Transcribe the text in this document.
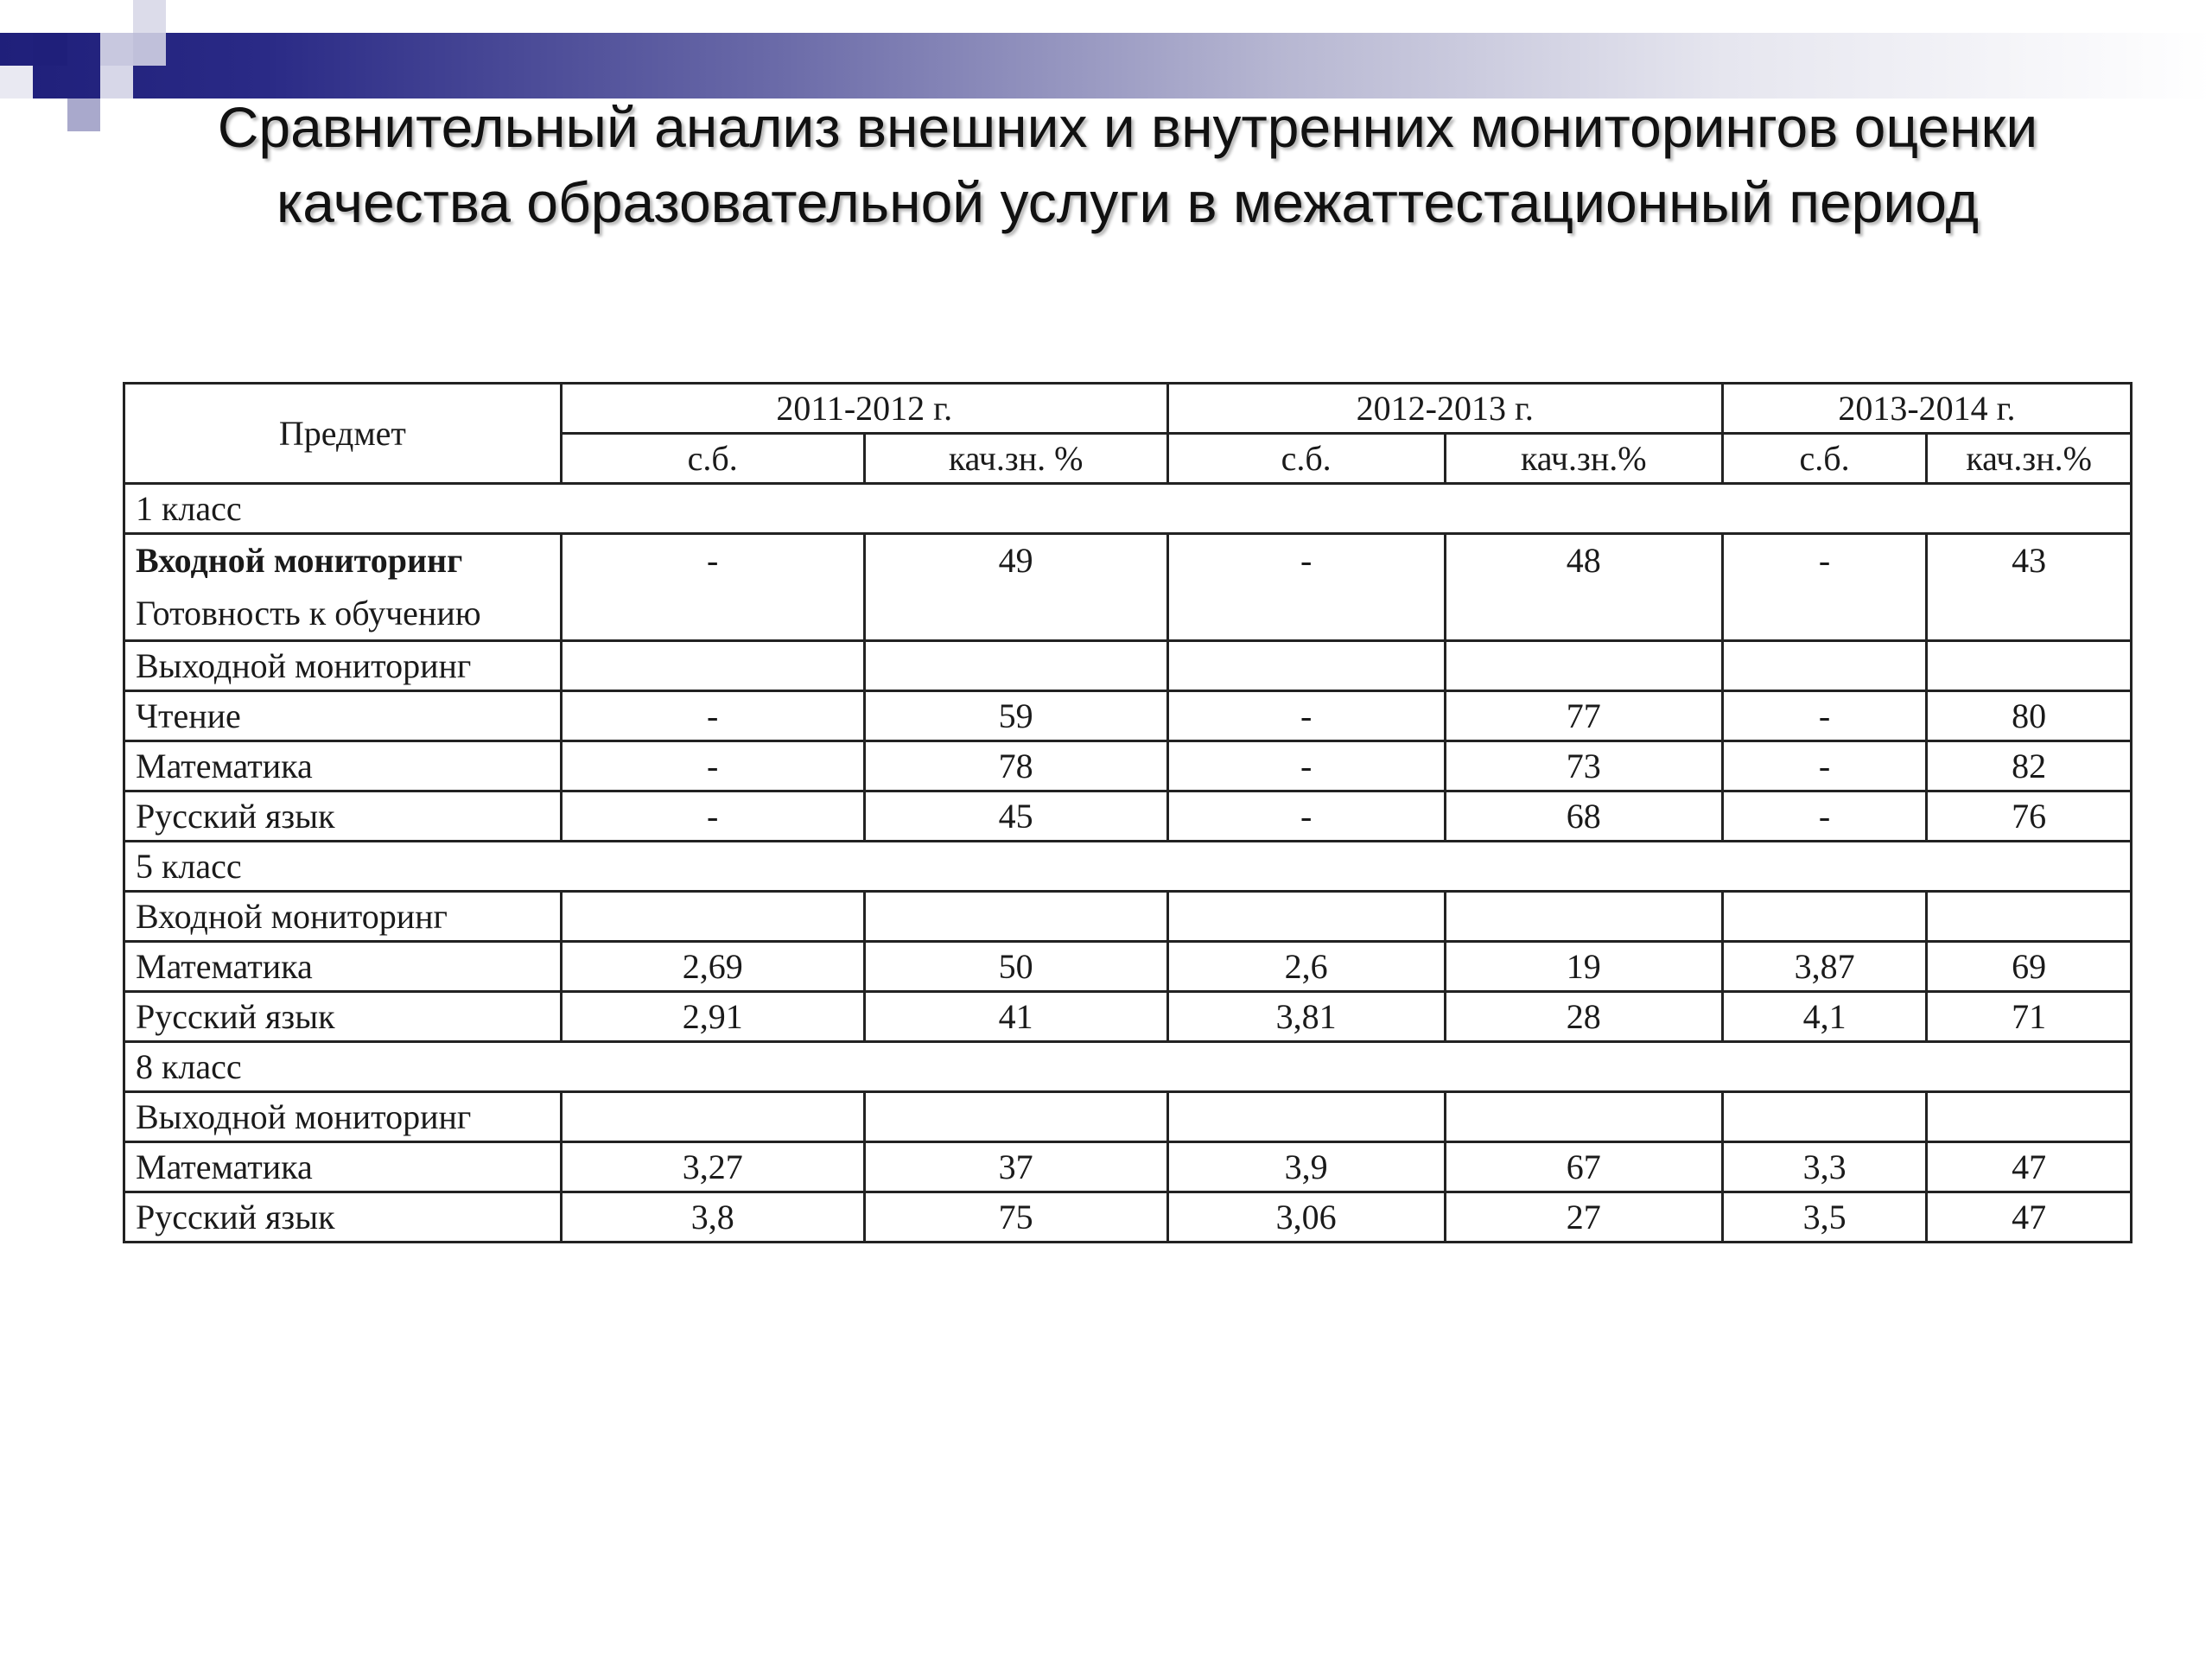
Сравнительный анализ внешних и внутренних мониторингов оценки качества образовательной услуги в межаттестационный период
Предмет	2011-2012 г.		2012-2013 г.		2013-2014 г.	
	с.б.	кач.зн. %	с.б.	кач.зн.%	с.б.	кач.зн.%
1 класс						
Входной мониторинг
Готовность к обучению	-	49	-	48	-	43
Выходной мониторинг						
Чтение	-	59	-	77	-	80
Математика	-	78	-	73	-	82
Русский язык	-	45	-	68	-	76
5 класс						
Входной мониторинг						
Математика	2,69	50	2,6	19	3,87	69
Русский язык	2,91	41	3,81	28	4,1	71
8 класс						
Выходной мониторинг						
Математика	3,27	37	3,9	67	3,3	47
Русский язык	3,8	75	3,06	27	3,5	47
